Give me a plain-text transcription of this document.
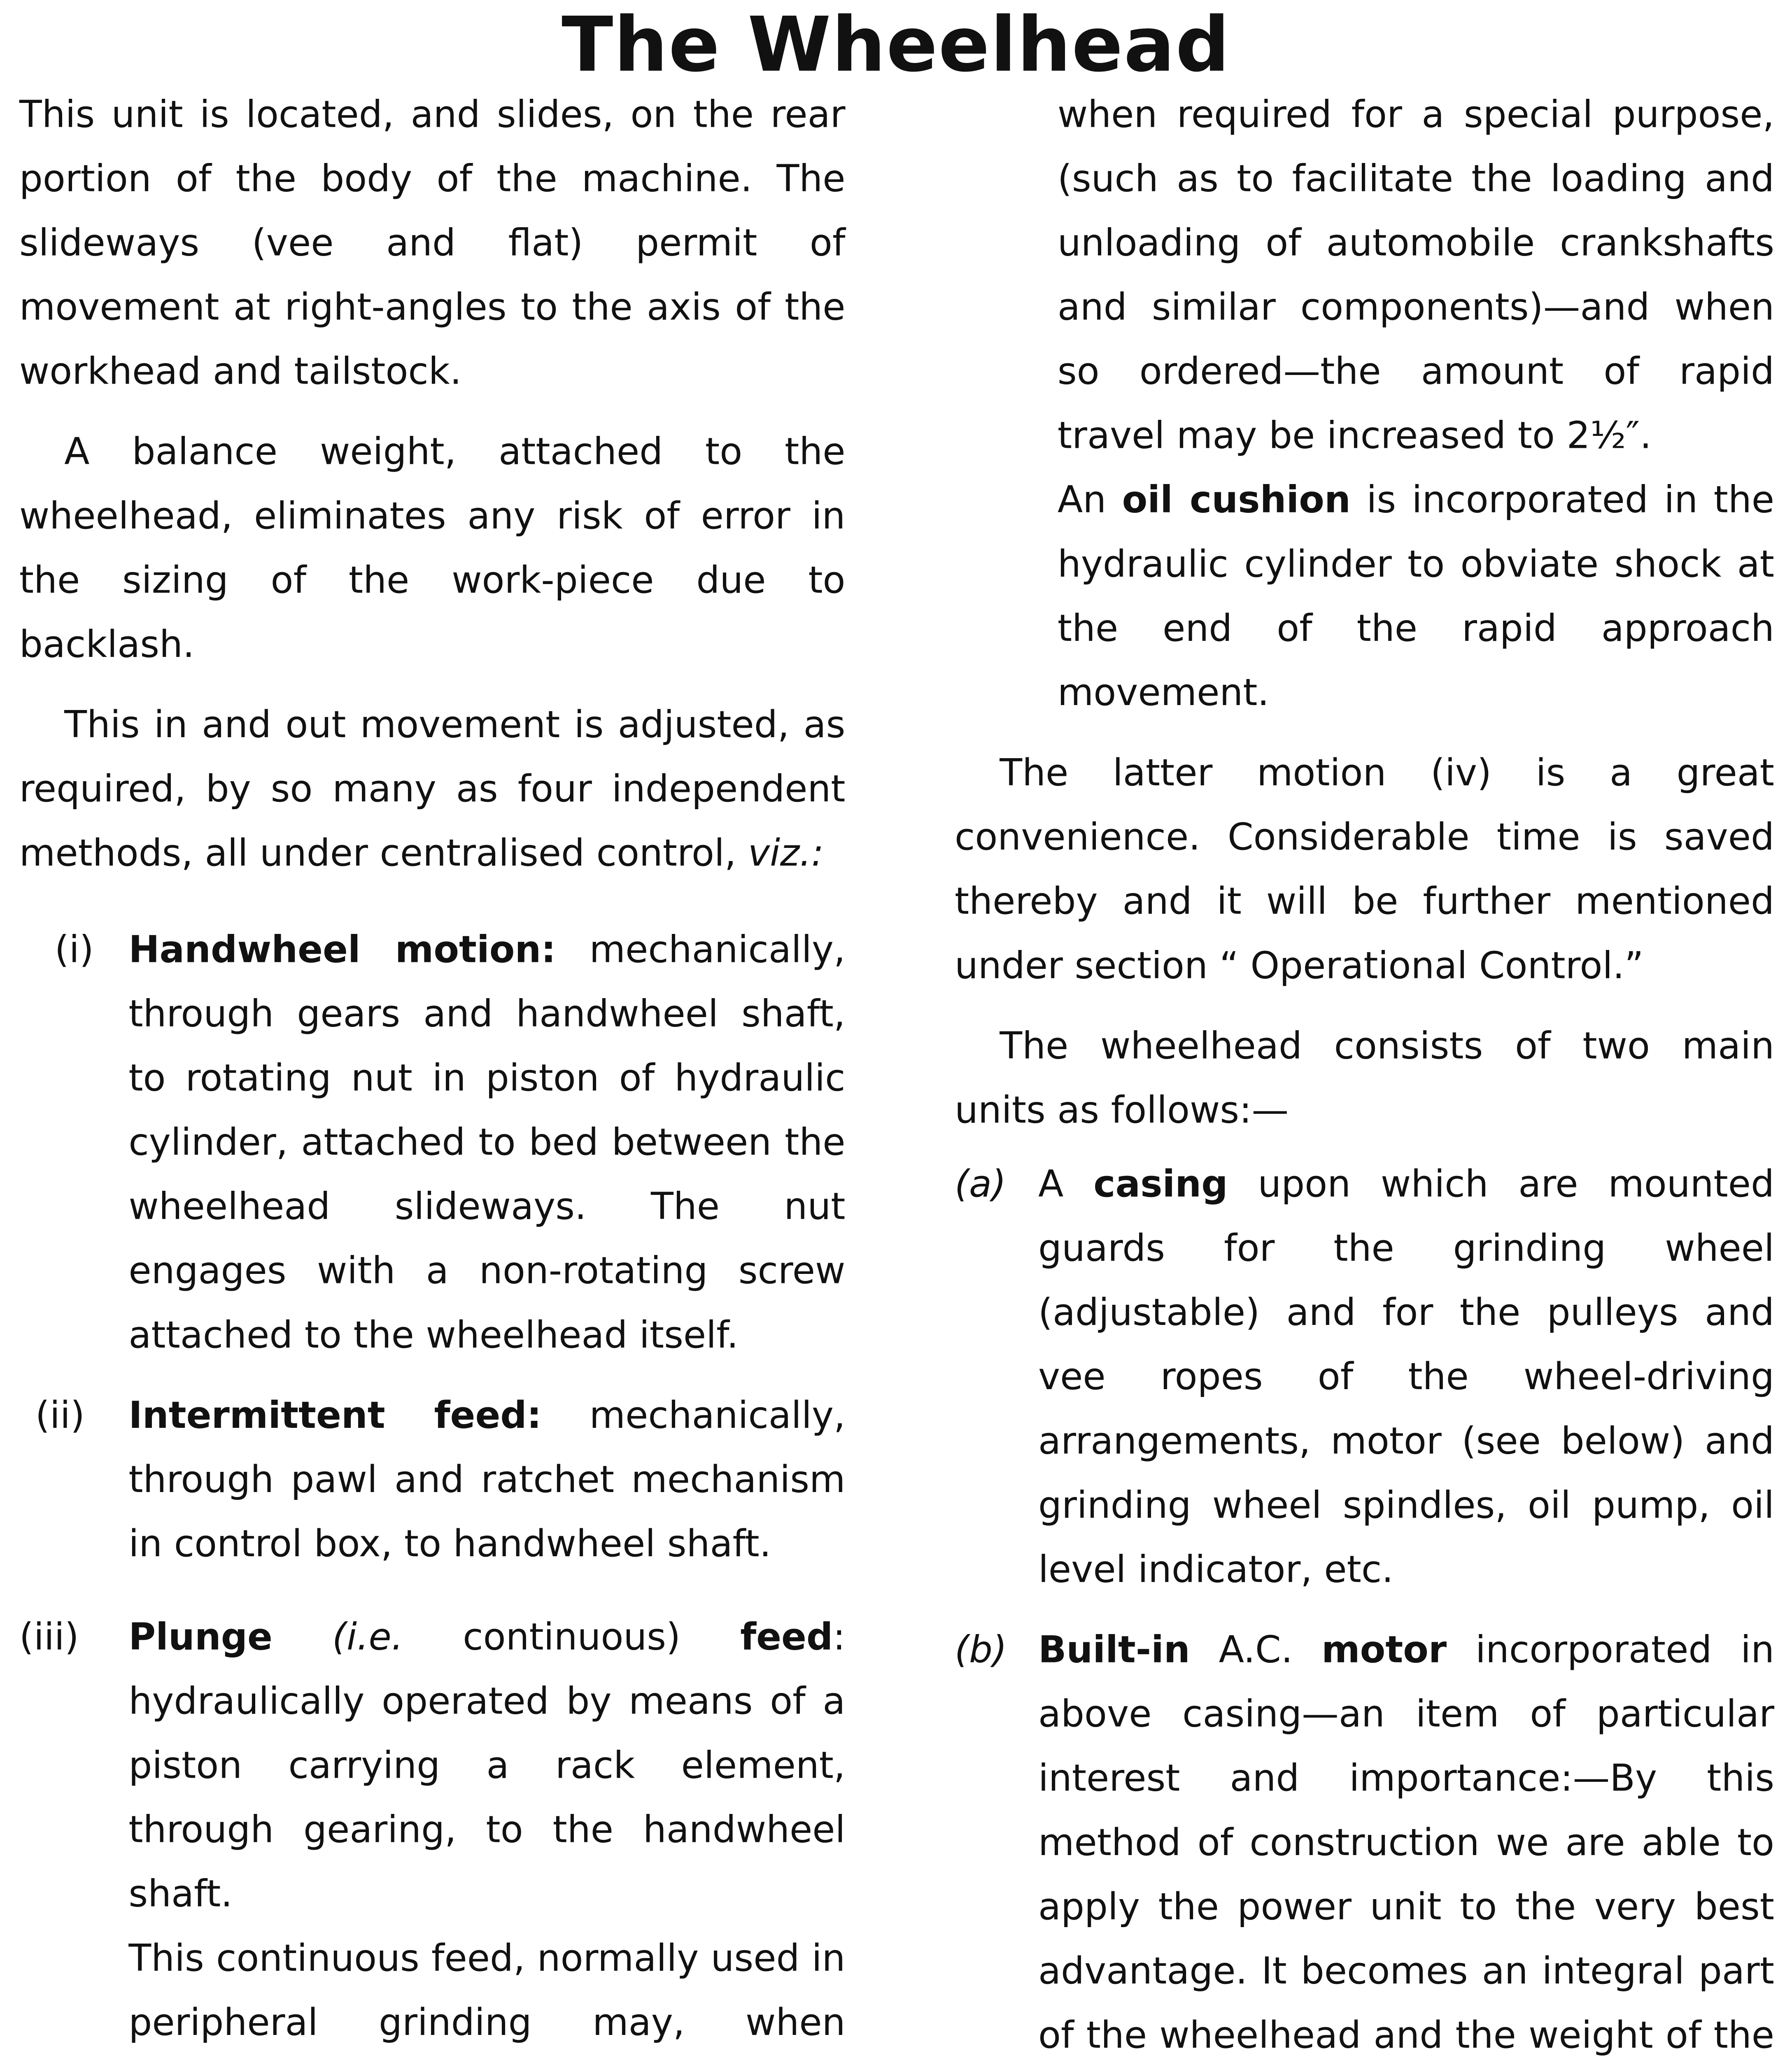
The Wheelhead

This unit is located, and slides, on the rear portion of the body of the machine. The slideways (vee and flat) permit of movement at right-angles to the axis of the workhead and tailstock.

A balance weight, attached to the wheelhead, eliminates any risk of error in the sizing of the work-piece due to backlash.

This in and out movement is adjusted, as required, by so many as four independent methods, all under centralised control, viz.:

(i)	Handwheel motion: mechanically, through gears and handwheel shaft, to rotating nut in piston of hydraulic cylinder, attached to bed between the wheelhead slideways. The nut engages with a non-rotating screw attached to the wheelhead itself.

(ii)	Intermittent feed: mechanically, through pawl and ratchet mechanism in control box, to handwheel shaft.

(iii)	Plunge	(i.e. continuous) feed: hydraulically operated by means of a piston carrying a rack element, through gearing, to the handwheel shaft.

This continuous feed, normally used in peripheral grinding may, when

when required for a special purpose, (such as to facilitate the loading and unloading of automobile crankshafts and similar components)—and when so ordered—the amount of rapid travel may be increased to 2½″.

An oil cushion is incorporated in the hydraulic cylinder to obviate shock at the end of the rapid approach movement.

The latter motion (iv) is a great convenience. Considerable time is saved thereby and it will be further mentioned under section “ Operational Control.”

The wheelhead consists of two main units as follows:—

(a)	A casing upon which are mounted guards for the grinding wheel (adjustable) and for the pulleys and vee ropes of the wheel-driving arrangements, motor (see below) and grinding wheel spindles, oil pump, oil level indicator, etc.

(b)	Built-in A.C. motor	incorporated in above casing—an item of particular interest and importance:—By this method of construction we are able to apply the power unit to the very best advantage. It becomes an integral part of the wheelhead and the weight of the
